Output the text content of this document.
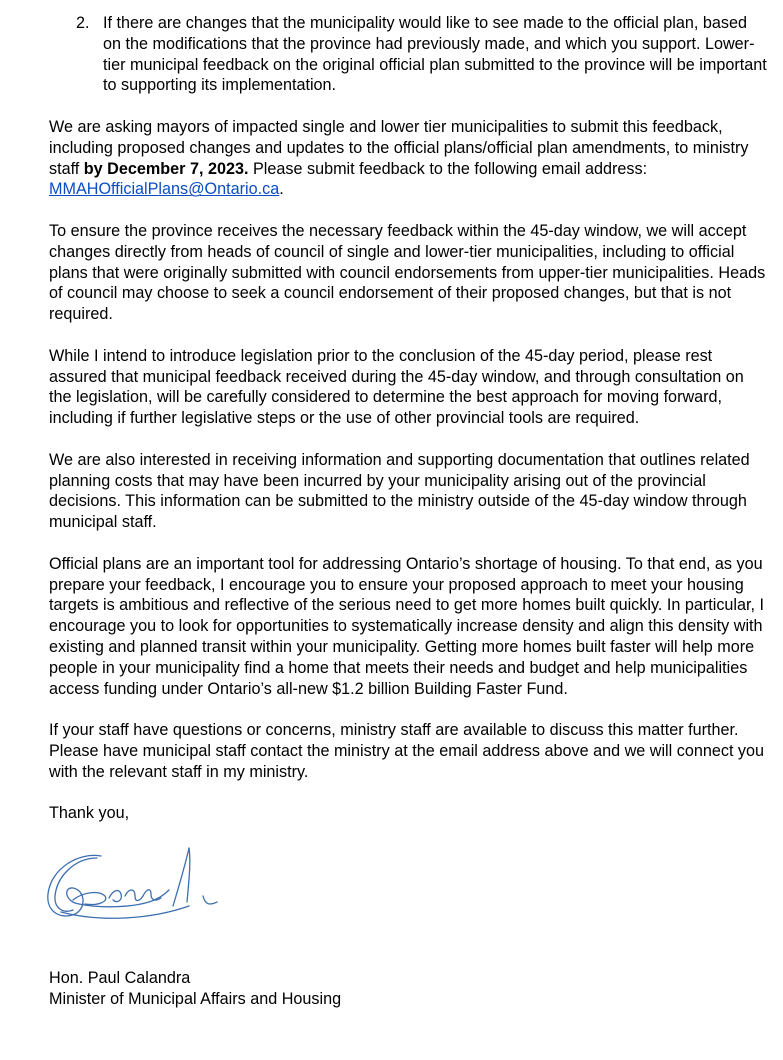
2. If there are changes that the municipality would like to see made to the official plan, based on the modifications that the province had previously made, and which you support. Lower-tier municipal feedback on the original official plan submitted to the province will be important to supporting its implementation.

We are asking mayors of impacted single and lower tier municipalities to submit this feedback, including proposed changes and updates to the official plans/official plan amendments, to ministry staff by December 7, 2023. Please submit feedback to the following email address: MMAHOfficialPlans@Ontario.ca.

To ensure the province receives the necessary feedback within the 45-day window, we will accept changes directly from heads of council of single and lower-tier municipalities, including to official plans that were originally submitted with council endorsements from upper-tier municipalities. Heads of council may choose to seek a council endorsement of their proposed changes, but that is not required.

While I intend to introduce legislation prior to the conclusion of the 45-day period, please rest assured that municipal feedback received during the 45-day window, and through consultation on the legislation, will be carefully considered to determine the best approach for moving forward, including if further legislative steps or the use of other provincial tools are required.

We are also interested in receiving information and supporting documentation that outlines related planning costs that may have been incurred by your municipality arising out of the provincial decisions. This information can be submitted to the ministry outside of the 45-day window through municipal staff.

Official plans are an important tool for addressing Ontario’s shortage of housing. To that end, as you prepare your feedback, I encourage you to ensure your proposed approach to meet your housing targets is ambitious and reflective of the serious need to get more homes built quickly. In particular, I encourage you to look for opportunities to systematically increase density and align this density with existing and planned transit within your municipality. Getting more homes built faster will help more people in your municipality find a home that meets their needs and budget and help municipalities access funding under Ontario’s all-new $1.2 billion Building Faster Fund.

If your staff have questions or concerns, ministry staff are available to discuss this matter further. Please have municipal staff contact the ministry at the email address above and we will connect you with the relevant staff in my ministry.

Thank you,

Hon. Paul Calandra

Minister of Municipal Affairs and Housing
